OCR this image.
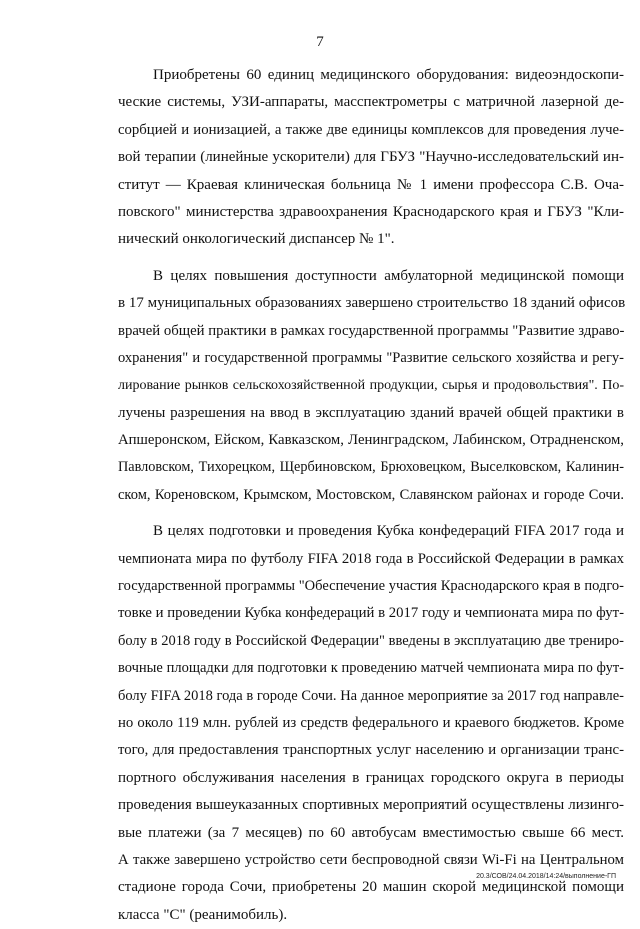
7
Приобретены 60 единиц медицинского оборудования: видеоэндоскопи-
ческие системы, УЗИ-аппараты, масспектрометры с матричной лазерной де-
сорбцией и ионизацией, а также две единицы комплексов для проведения луче-
вой терапии (линейные ускорители) для ГБУЗ "Научно-исследовательский ин-
ститут — Краевая клиническая больница № 1 имени профессора С.В. Оча-
повского" министерства здравоохранения Краснодарского края и ГБУЗ "Кли-
нический онкологический диспансер № 1".
В целях повышения доступности амбулаторной медицинской помощи
в 17 муниципальных образованиях завершено строительство 18 зданий офисов
врачей общей практики в рамках государственной программы "Развитие здраво-
охранения" и государственной программы "Развитие сельского хозяйства и регу-
лирование рынков сельскохозяйственной продукции, сырья и продовольствия". По-
лучены разрешения на ввод в эксплуатацию зданий врачей общей практики в
Апшеронском, Ейском, Кавказском, Ленинградском, Лабинском, Отрадненском,
Павловском, Тихорецком, Щербиновском, Брюховецком, Выселковском, Калинин-
ском, Кореновском, Крымском, Мостовском, Славянском районах и городе Сочи.
В целях подготовки и проведения Кубка конфедераций FIFA 2017 года и
чемпионата мира по футболу FIFA 2018 года в Российской Федерации в рамках
государственной программы "Обеспечение участия Краснодарского края в подго-
товке и проведении Кубка конфедераций в 2017 году и чемпионата мира по фут-
болу в 2018 году в Российской Федерации" введены в эксплуатацию две трениро-
вочные площадки для подготовки к проведению матчей чемпионата мира по фут-
болу FIFA 2018 года в городе Сочи. На данное мероприятие за 2017 год направле-
но около 119 млн. рублей из средств федерального и краевого бюджетов. Кроме
того, для предоставления транспортных услуг населению и организации транс-
портного обслуживания населения в границах городского округа в периоды
проведения вышеуказанных спортивных мероприятий осуществлены лизинго-
вые платежи (за 7 месяцев) по 60 автобусам вместимостью свыше 66 мест.
А также завершено устройство сети беспроводной связи Wi-Fi на Центральном
стадионе города Сочи, приобретены 20 машин скорой медицинской помощи
класса "С" (реанимобиль).
20.3/СОВ/24.04.2018/14:24/выполнение-ГП
